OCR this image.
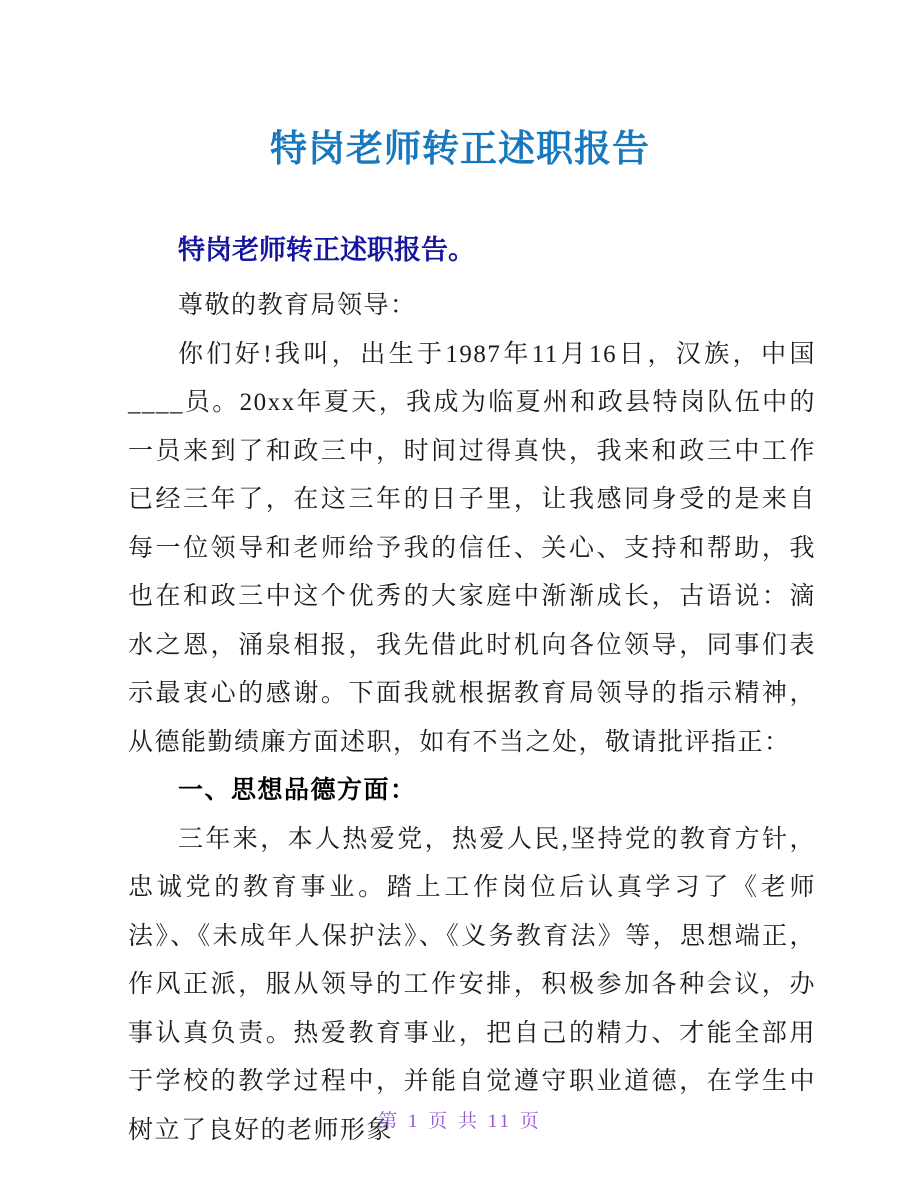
特岗老师转正述职报告

特岗老师转正述职报告。

尊敬的教育局领导：

你们好!我叫，出生于1987年11月16日，汉族，中国____员。20xx年夏天，我成为临夏州和政县特岗队伍中的一员来到了和政三中，时间过得真快，我来和政三中工作已经三年了，在这三年的日子里，让我感同身受的是来自每一位领导和老师给予我的信任、关心、支持和帮助，我也在和政三中这个优秀的大家庭中渐渐成长，古语说：滴水之恩，涌泉相报，我先借此时机向各位领导，同事们表示最衷心的感谢。下面我就根据教育局领导的指示精神，从德能勤绩廉方面述职，如有不当之处，敬请批评指正：

一、思想品德方面：

三年来，本人热爱党，热爱人民,坚持党的教育方针，忠诚党的教育事业。踏上工作岗位后认真学习了《老师法》、《未成年人保护法》、《义务教育法》等，思想端正，作风正派，服从领导的工作安排，积极参加各种会议，办事认真负责。热爱教育事业，把自己的精力、才能全部用于学校的教学过程中，并能自觉遵守职业道德，在学生中树立了良好的老师形象

第 1 页 共 11 页
